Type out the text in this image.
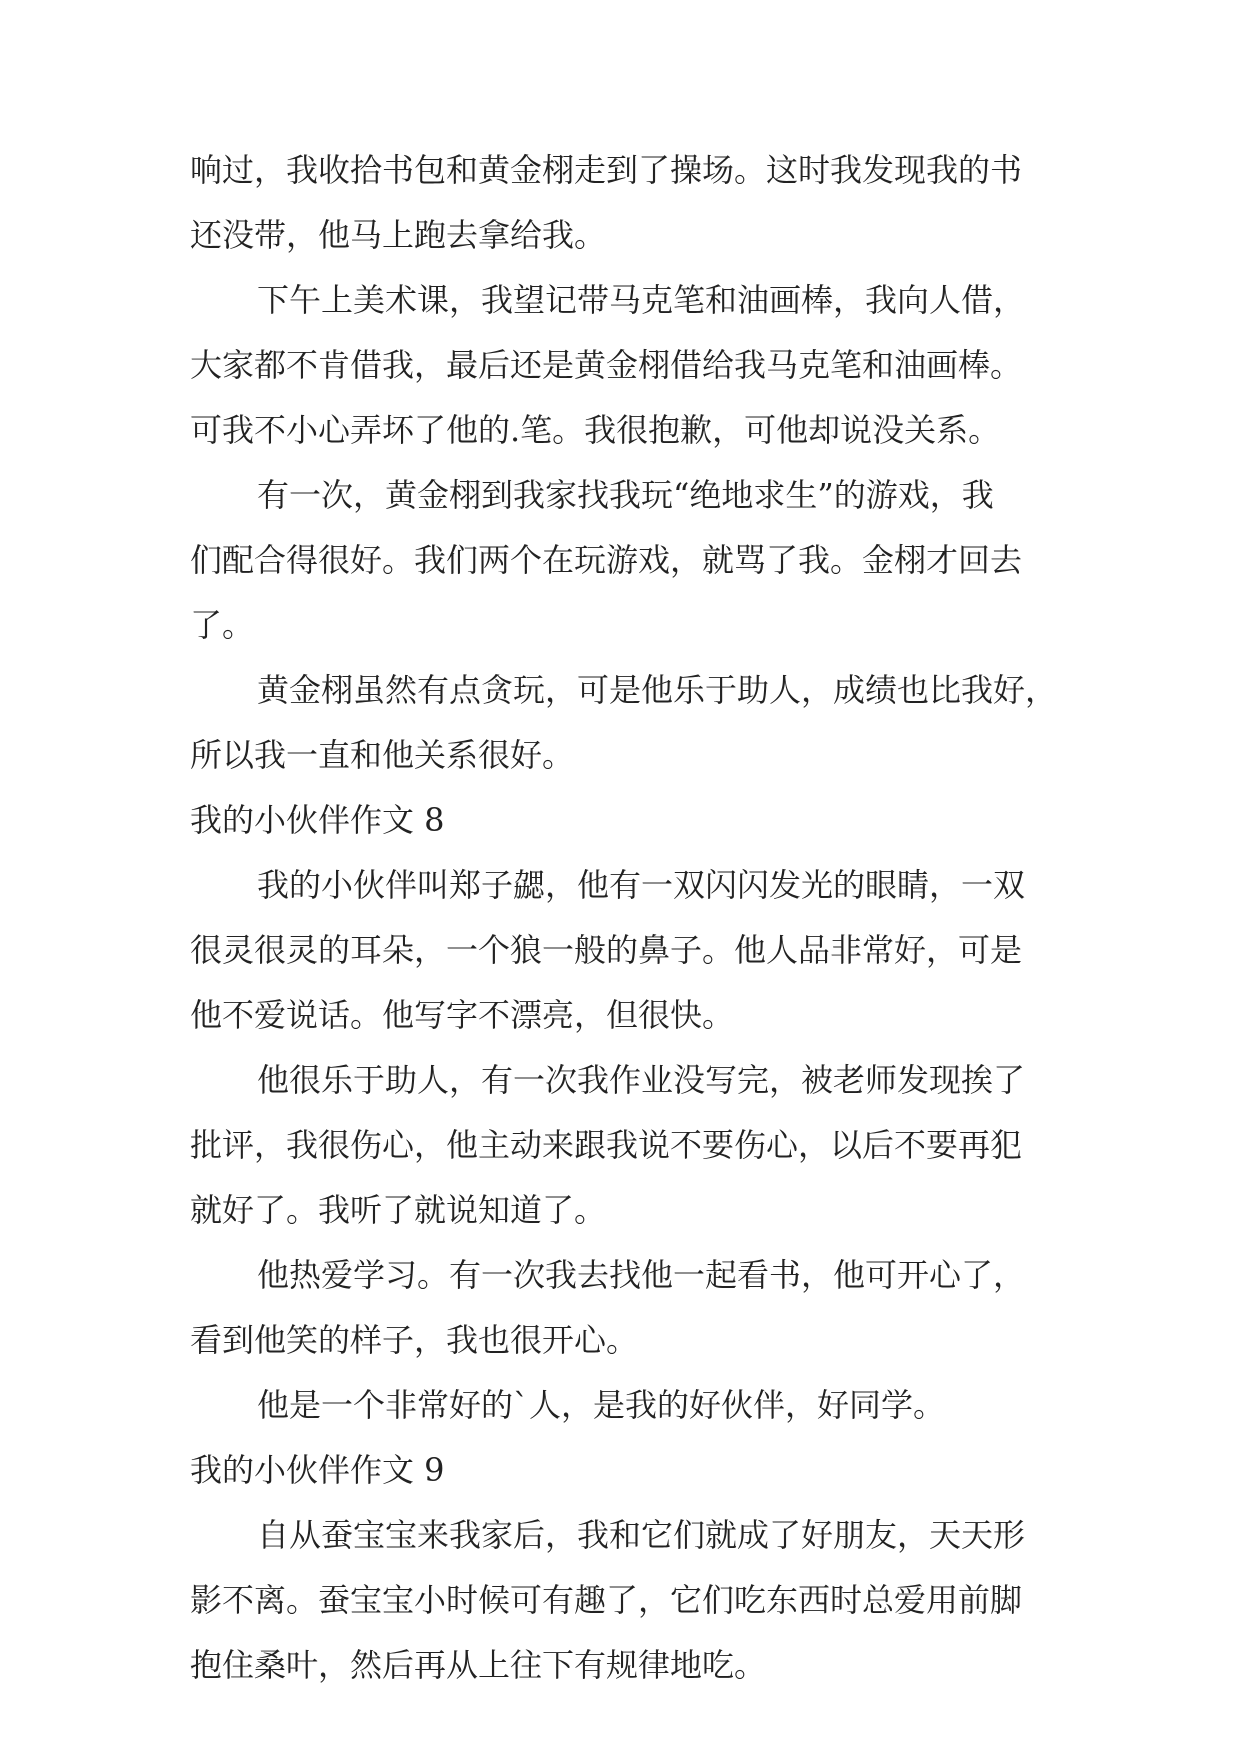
响过，我收拾书包和黄金栩走到了操场。这时我发现我的书
还没带，他马上跑去拿给我。
下午上美术课，我望记带马克笔和油画棒，我向人借，
大家都不肯借我，最后还是黄金栩借给我马克笔和油画棒。
可我不小心弄坏了他的.笔。我很抱歉，可他却说没关系。
有一次，黄金栩到我家找我玩“绝地求生”的游戏，我
们配合得很好。我们两个在玩游戏，就骂了我。金栩才回去
了。
黄金栩虽然有点贪玩，可是他乐于助人，成绩也比我好，
所以我一直和他关系很好。
我的小伙伴作文 8
我的小伙伴叫郑子勰，他有一双闪闪发光的眼睛，一双
很灵很灵的耳朵，一个狼一般的鼻子。他人品非常好，可是
他不爱说话。他写字不漂亮，但很快。
他很乐于助人，有一次我作业没写完，被老师发现挨了
批评，我很伤心，他主动来跟我说不要伤心，以后不要再犯
就好了。我听了就说知道了。
他热爱学习。有一次我去找他一起看书，他可开心了，
看到他笑的样子，我也很开心。
他是一个非常好的`人，是我的好伙伴，好同学。
我的小伙伴作文 9
自从蚕宝宝来我家后，我和它们就成了好朋友，天天形
影不离。蚕宝宝小时候可有趣了，它们吃东西时总爱用前脚
抱住桑叶，然后再从上往下有规律地吃。
